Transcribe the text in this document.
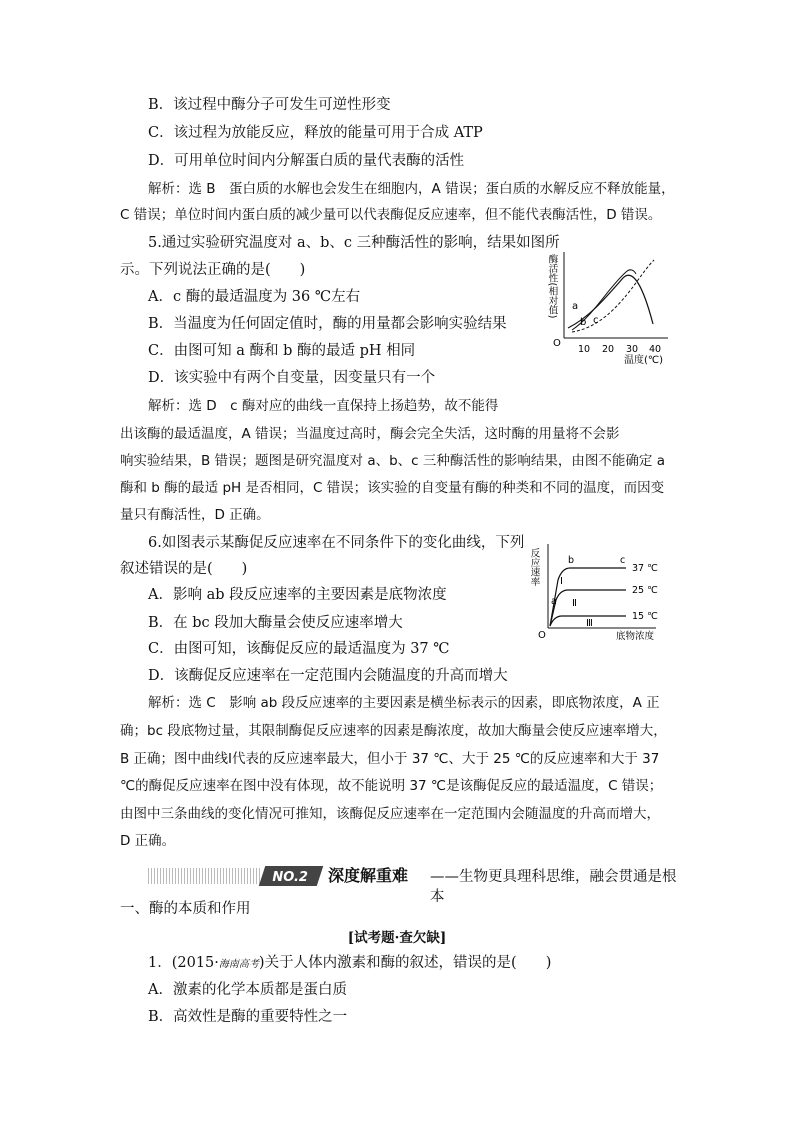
B．该过程中酶分子可发生可逆性形变
C．该过程为放能反应，释放的能量可用于合成 ATP
D．可用单位时间内分解蛋白质的量代表酶的活性
解析：选 B　蛋白质的水解也会发生在细胞内，A 错误；蛋白质的水解反应不释放能量，
C 错误；单位时间内蛋白质的减少量可以代表酶促反应速率，但不能代表酶活性，D 错误。
5.通过实验研究温度对 a、b、c 三种酶活性的影响，结果如图所
示。下列说法正确的是(　　)
A．c 酶的最适温度为 36 ℃左右
B．当温度为任何固定值时，酶的用量都会影响实验结果
C．由图可知 a 酶和 b 酶的最适 pH 相同
D．该实验中有两个自变量，因变量只有一个
解析：选 D　c 酶对应的曲线一直保持上扬趋势，故不能得
出该酶的最适温度，A 错误；当温度过高时，酶会完全失活，这时酶的用量将不会影
响实验结果，B 错误；题图是研究温度对 a、b、c 三种酶活性的影响结果，由图不能确定 a
酶和 b 酶的最适 pH 是否相同，C 错误；该实验的自变量有酶的种类和不同的温度，而因变
量只有酶活性，D 正确。
O
10 20 30 40
温度(℃)
酶活性(相对值) a
b c
6.如图表示某酶促反应速率在不同条件下的变化曲线，下列
叙述错误的是(　　)
A．影响 ab 段反应速率的主要因素是底物浓度
B．在 bc 段加大酶量会使反应速率增大
C．由图可知，该酶促反应的最适温度为 37 ℃
D．该酶促反应速率在一定范围内会随温度的升高而增大
解析：选 C　影响 ab 段反应速率的主要因素是横坐标表示的因素，即底物浓度，A 正
确；bc 段底物过量，其限制酶促反应速率的因素是酶浓度，故加大酶量会使反应速率增大，
B 正确；图中曲线Ⅰ代表的反应速率最大，但小于 37 ℃、大于 25 ℃的反应速率和大于 37
℃的酶促反应速率在图中没有体现，故不能说明 37 ℃是该酶促反应的最适温度，C 错误；
由图中三条曲线的变化情况可推知，该酶促反应速率在一定范围内会随温度的升高而增大，
D 正确。
O	底物浓度
反应速率
a
b	c
Ⅰ
Ⅱ
Ⅲ
37 ℃
25 ℃
15 ℃
NO.2	深度解重难 ——生物更具理科思维，融会贯通是根本
一、酶的本质和作用
[试考题·查欠缺]
1．(2015·海南高考)关于人体内激素和酶的叙述，错误的是(　　)
A．激素的化学本质都是蛋白质
B．高效性是酶的重要特性之一
